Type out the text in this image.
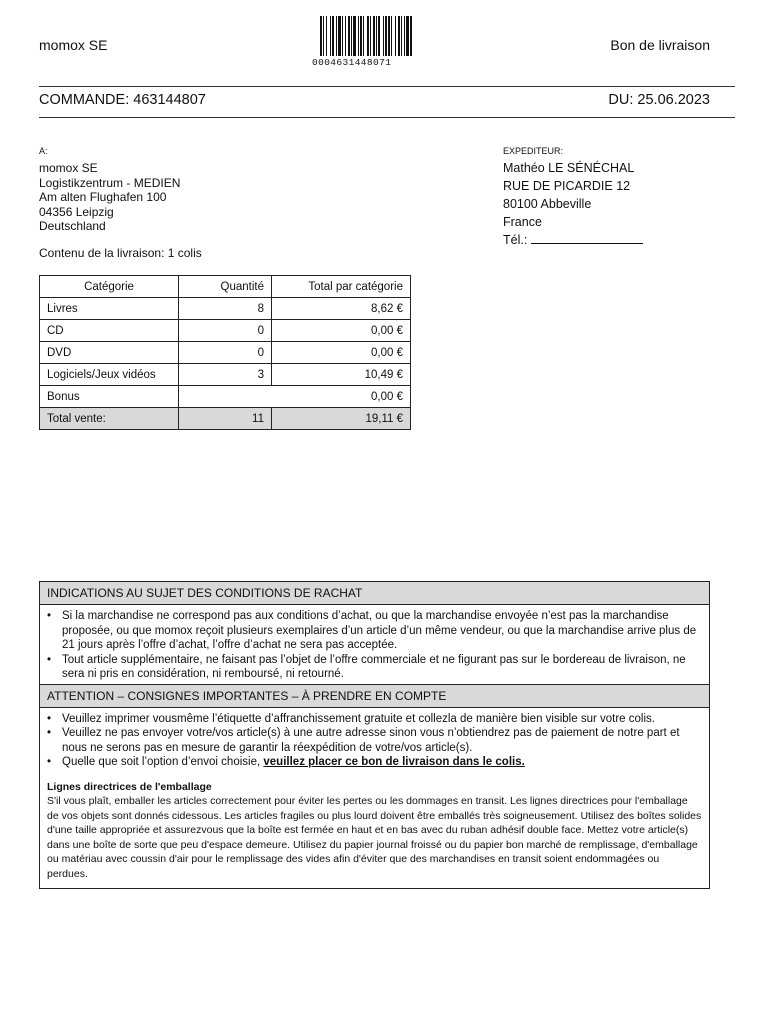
momox SE
0004631448071
Bon de livraison
COMMANDE: 463144807	DU: 25.06.2023
A:
momox SE
Logistikzentrum - MEDIEN
Am alten Flughafen 100
04356 Leipzig
Deutschland
EXPEDITEUR:
Mathéo LE SÉNÉCHAL
RUE DE PICARDIE 12
80100 Abbeville
France
Tél.:
Contenu de la livraison: 1 colis
Catégorie	Quantité	Total par catégorie
Livres	8	8,62 €
CD	0	0,00 €
DVD	0	0,00 €
Logiciels/Jeux vidéos	3	10,49 €
Bonus	0,00 €	
Total vente:	11	19,11 €
INDICATIONS AU SUJET DES CONDITIONS DE RACHAT
• Si la marchandise ne correspond pas aux conditions d’achat, ou que la marchandise envoyée n’est pas la marchandise proposée, ou que momox reçoit plusieurs exemplaires d’un article d’un même vendeur, ou que la marchandise arrive plus de 21 jours après l’offre d’achat, l’offre d’achat ne sera pas acceptée.
• Tout article supplémentaire, ne faisant pas l’objet de l’offre commerciale et ne figurant pas sur le bordereau de livraison, ne sera ni pris en considération, ni remboursé, ni retourné.
ATTENTION – CONSIGNES IMPORTANTES – À PRENDRE EN COMPTE
• Veuillez imprimer vousmême l’étiquette d’affranchissement gratuite et collezla de manière bien visible sur votre colis.
• Veuillez ne pas envoyer votre/vos article(s) à une autre adresse sinon vous n’obtiendrez pas de paiement de notre part et nous ne serons pas en mesure de garantir la réexpédition de votre/vos article(s).
• Quelle que soit l’option d’envoi choisie, veuillez placer ce bon de livraison dans le colis.
Lignes directrices de l'emballage
S'il vous plaît, emballer les articles correctement pour éviter les pertes ou les dommages en transit. Les lignes directrices pour l'emballage de vos objets sont donnés cidessous. Les articles fragiles ou plus lourd doivent être emballés très soigneusement. Utilisez des boîtes solides d'une taille appropriée et assurezvous que la boîte est fermée en haut et en bas avec du ruban adhésif double face. Mettez votre article(s) dans une boîte de sorte que peu d'espace demeure. Utilisez du papier journal froissé ou du papier bon marché de remplissage, d'emballage ou matériau avec coussin d'air pour le remplissage des vides afin d'éviter que des marchandises en transit soient endommagées ou perdues.
